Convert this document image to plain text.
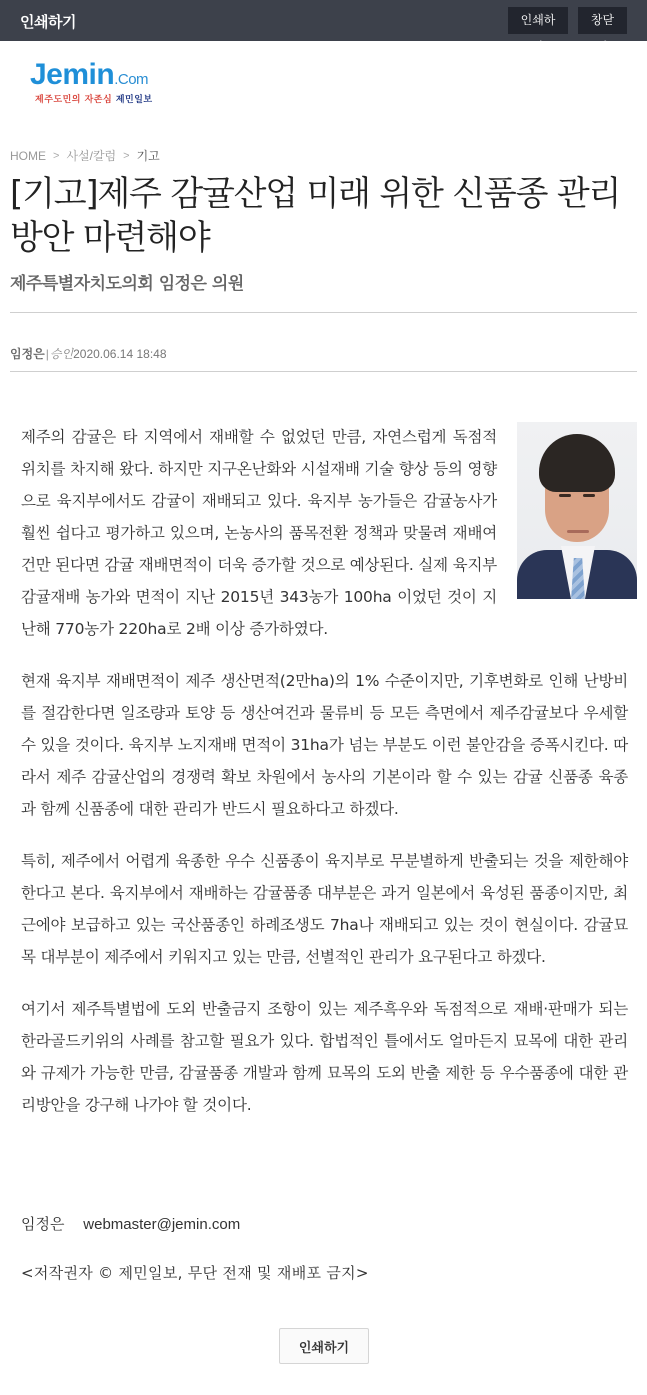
인쇄하기	인쇄하기
창닫기
Jemin.Com
제주도민의 자존심 제민일보
HOME > 사설/칼럼 > 기고
[기고]제주 감귤산업 미래 위한 신품종 관리방안 마련해야
제주특별자치도의회 임정은 의원
임정은 | 승인 2020.06.14 18:48

제주의 감귤은 타 지역에서 재배할 수 없었던 만큼, 자연스럽게 독점적 위치를 차지해 왔다. 하지만 지구온난화와 시설재배 기술 향상 등의 영향으로 육지부에서도 감귤이 재배되고 있다. 육지부 농가들은 감귤농사가 훨씬 쉽다고 평가하고 있으며, 논농사의 품목전환 정책과 맞물려 재배여건만 된다면 감귤 재배면적이 더욱 증가할 것으로 예상된다. 실제 육지부 감귤재배 농가와 면적이 지난 2015년 343농가 100ha 이었던 것이 지난해 770농가 220ha로 2배 이상 증가하였다.

현재 육지부 재배면적이 제주 생산면적(2만ha)의 1% 수준이지만, 기후변화로 인해 난방비를 절감한다면 일조량과 토양 등 생산여건과 물류비 등 모든 측면에서 제주감귤보다 우세할 수 있을 것이다. 육지부 노지재배 면적이 31ha가 넘는 부분도 이런 불안감을 증폭시킨다. 따라서 제주 감귤산업의 경쟁력 확보 차원에서 농사의 기본이라 할 수 있는 감귤 신품종 육종과 함께 신품종에 대한 관리가 반드시 필요하다고 하겠다.

특히, 제주에서 어렵게 육종한 우수 신품종이 육지부로 무분별하게 반출되는 것을 제한해야 한다고 본다. 육지부에서 재배하는 감귤품종 대부분은 과거 일본에서 육성된 품종이지만, 최근에야 보급하고 있는 국산품종인 하례조생도 7ha나 재배되고 있는 것이 현실이다. 감귤묘목 대부분이 제주에서 키워지고 있는 만큼, 선별적인 관리가 요구된다고 하겠다.

여기서 제주특별법에 도외 반출금지 조항이 있는 제주흑우와 독점적으로 재배·판매가 되는 한라골드키위의 사례를 참고할 필요가 있다. 합법적인 틀에서도 얼마든지 묘목에 대한 관리와 규제가 가능한 만큼, 감귤품종 개발과 함께 묘목의 도외 반출 제한 등 우수품종에 대한 관리방안을 강구해 나가야 할 것이다.

임정은 webmaster@jemin.com
<저작권자 © 제민일보, 무단 전재 및 재배포 금지>
인쇄하기
